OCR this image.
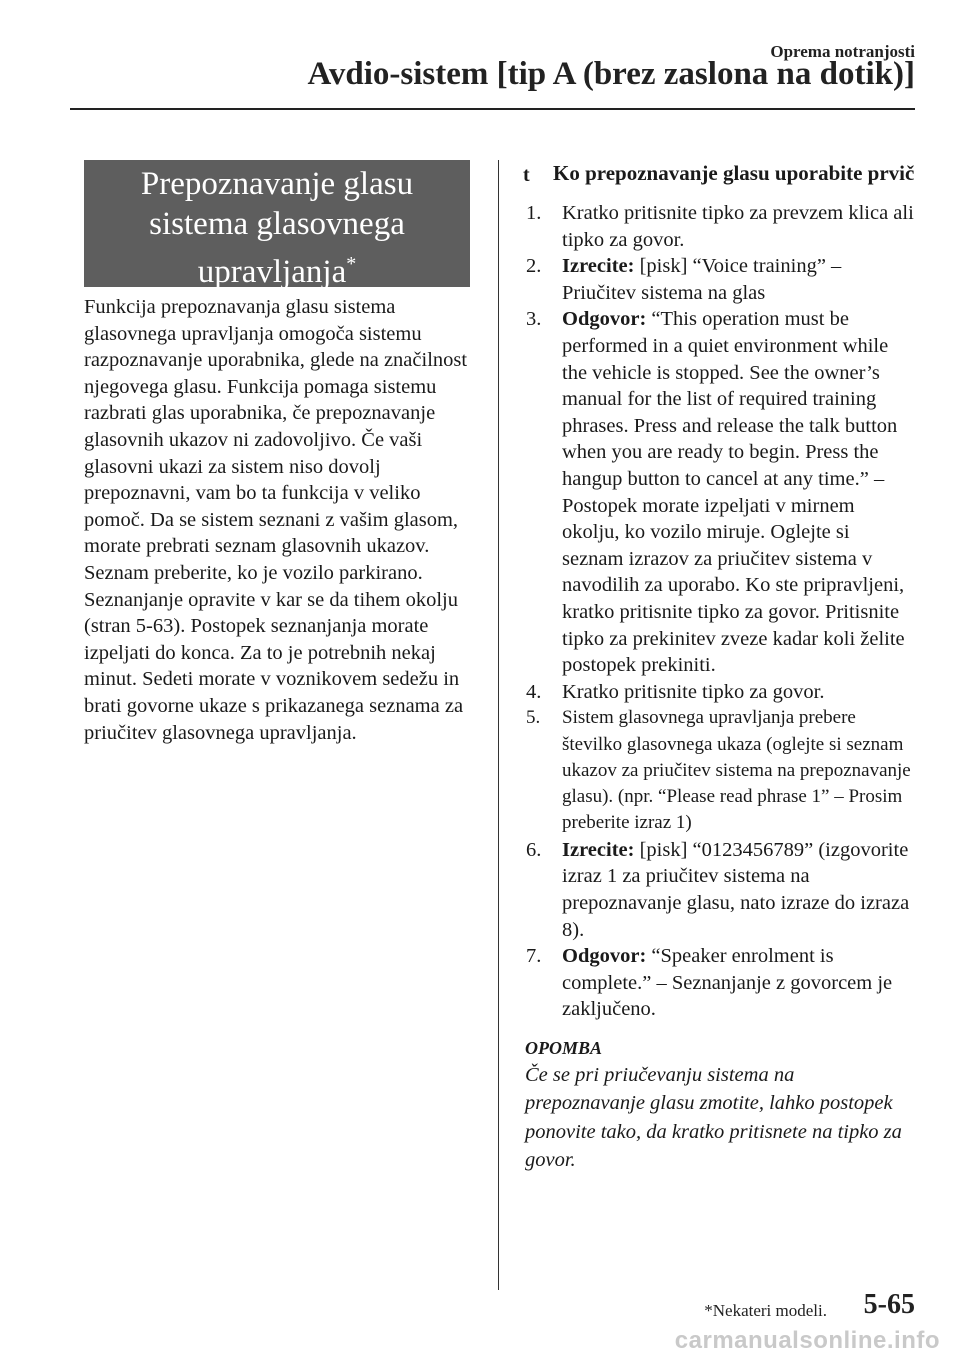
Oprema notranjosti
Avdio-sistem [tip A (brez zaslona na dotik)]
Prepoznavanje glasu
sistema glasovnega
upravljanja*

Funkcija prepoznavanja glasu sistema glasovnega upravljanja omogoča sistemu razpoznavanje uporabnika, glede na značilnost njegovega glasu. Funkcija pomaga sistemu razbrati glas uporabnika, če prepoznavanje glasovnih ukazov ni zadovoljivo. Če vaši glasovni ukazi za sistem niso dovolj prepoznavni, vam bo ta funkcija v veliko pomoč. Da se sistem seznani z vašim glasom, morate prebrati seznam glasovnih ukazov. Seznam preberite, ko je vozilo parkirano. Seznanjanje opravite v kar se da tihem okolju (stran 5-63). Postopek seznanjanja morate izpeljati do konca. Za to je potrebnih nekaj minut. Sedeti morate v voznikovem sedežu in brati govorne ukaze s prikazanega seznama za priučitev glasovnega upravljanja.

t Ko prepoznavanje glasu uporabite prvič
1.	Kratko pritisnite tipko za prevzem klica ali tipko za govor.
2.	Izrecite: [pisk] “Voice training” – Priučitev sistema na glas
3.	Odgovor: “This operation must be performed in a quiet environment while the vehicle is stopped. See the owner’s manual for the list of required training phrases. Press and release the talk button when you are ready to begin. Press the hangup button to cancel at any time.” – Postopek morate izpeljati v mirnem okolju, ko vozilo miruje. Oglejte si seznam izrazov za priučitev sistema v navodilih za uporabo. Ko ste pripravljeni, kratko pritisnite tipko za govor. Pritisnite tipko za prekinitev zveze kadar koli želite postopek prekiniti.
4.	Kratko pritisnite tipko za govor.
5.	Sistem glasovnega upravljanja prebere številko glasovnega ukaza (oglejte si seznam ukazov za priučitev sistema na prepoznavanje glasu). (npr. “Please read phrase 1” – Prosim preberite izraz 1)
6.	Izrecite: [pisk] “0123456789” (izgovorite izraz 1 za priučitev sistema na prepoznavanje glasu, nato izraze do izraza 8).
7.	Odgovor: “Speaker enrolment is complete.” – Seznanjanje z govorcem je zaključeno.
OPOMBA
Če se pri priučevanju sistema na prepoznavanje glasu zmotite, lahko postopek ponovite tako, da kratko pritisnete na tipko za govor.
*Nekateri modeli. 5-65
carmanualsonline.info
